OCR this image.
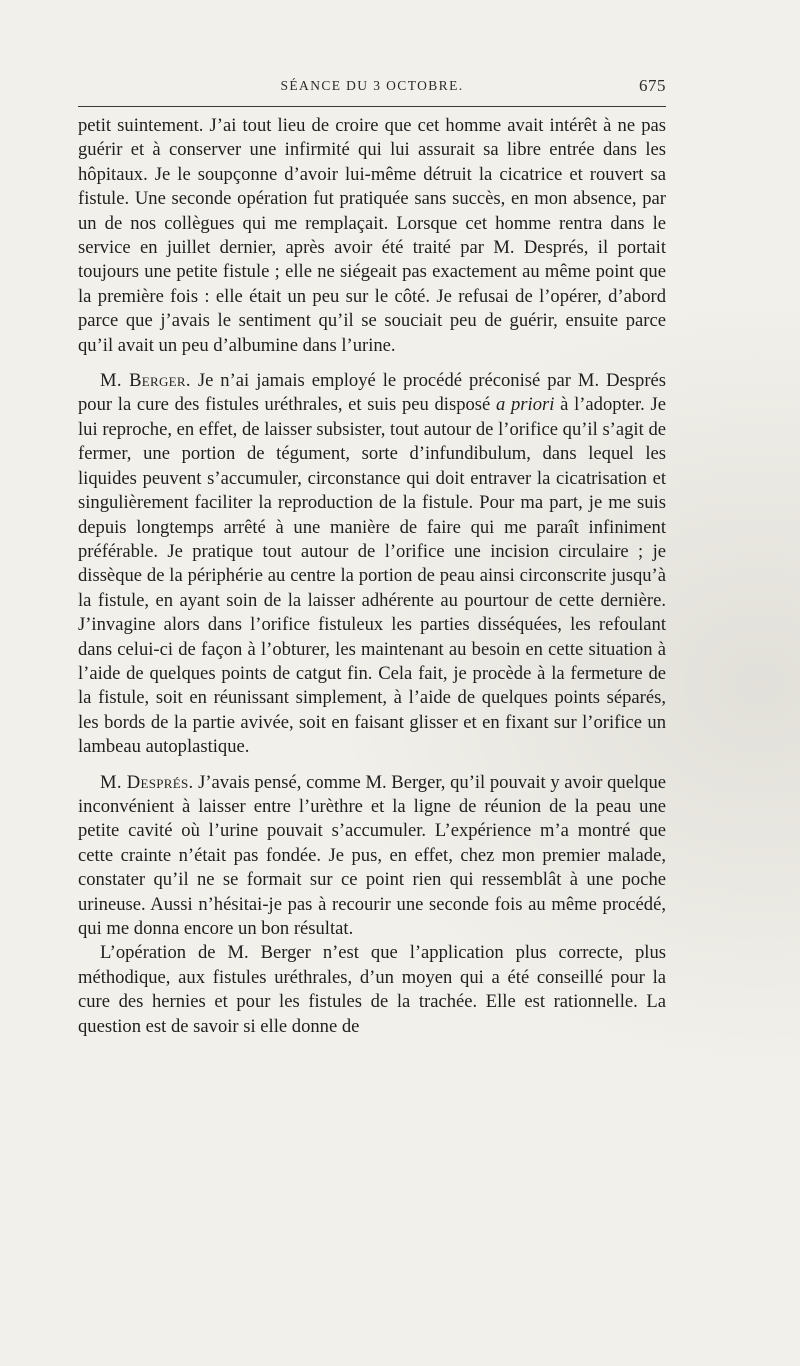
SÉANCE DU 3 OCTOBRE.	675

petit suintement. J’ai tout lieu de croire que cet homme avait intérêt à ne pas guérir et à conserver une infirmité qui lui assurait sa libre entrée dans les hôpitaux. Je le soupçonne d’avoir lui-même détruit la cicatrice et rouvert sa fistule. Une seconde opération fut pratiquée sans succès, en mon absence, par un de nos collègues qui me remplaçait. Lorsque cet homme rentra dans le service en juillet dernier, après avoir été traité par M. Després, il portait toujours une petite fistule ; elle ne siégeait pas exactement au même point que la première fois : elle était un peu sur le côté. Je refusai de l’opérer, d’abord parce que j’avais le sentiment qu’il se souciait peu de guérir, ensuite parce qu’il avait un peu d’albumine dans l’urine.

M. Berger. Je n’ai jamais employé le procédé préconisé par M. Després pour la cure des fistules uréthrales, et suis peu disposé a priori à l’adopter. Je lui reproche, en effet, de laisser subsister, tout autour de l’orifice qu’il s’agit de fermer, une portion de tégument, sorte d’infundibulum, dans lequel les liquides peuvent s’accumuler, circonstance qui doit entraver la cicatrisation et singulièrement faciliter la reproduction de la fistule. Pour ma part, je me suis depuis longtemps arrêté à une manière de faire qui me paraît infiniment préférable. Je pratique tout autour de l’orifice une incision circulaire ; je dissèque de la périphérie au centre la portion de peau ainsi circonscrite jusqu’à la fistule, en ayant soin de la laisser adhérente au pourtour de cette dernière. J’invagine alors dans l’orifice fistuleux les parties disséquées, les refoulant dans celui-ci de façon à l’obturer, les maintenant au besoin en cette situation à l’aide de quelques points de catgut fin. Cela fait, je procède à la fermeture de la fistule, soit en réunissant simplement, à l’aide de quelques points séparés, les bords de la partie avivée, soit en faisant glisser et en fixant sur l’orifice un lambeau autoplastique.

M. Després. J’avais pensé, comme M. Berger, qu’il pouvait y avoir quelque inconvénient à laisser entre l’urèthre et la ligne de réunion de la peau une petite cavité où l’urine pouvait s’accumuler. L’expérience m’a montré que cette crainte n’était pas fondée. Je pus, en effet, chez mon premier malade, constater qu’il ne se formait sur ce point rien qui ressemblât à une poche urineuse. Aussi n’hésitai-je pas à recourir une seconde fois au même procédé, qui me donna encore un bon résultat.

L’opération de M. Berger n’est que l’application plus correcte, plus méthodique, aux fistules uréthrales, d’un moyen qui a été conseillé pour la cure des hernies et pour les fistules de la trachée. Elle est rationnelle. La question est de savoir si elle donne de
